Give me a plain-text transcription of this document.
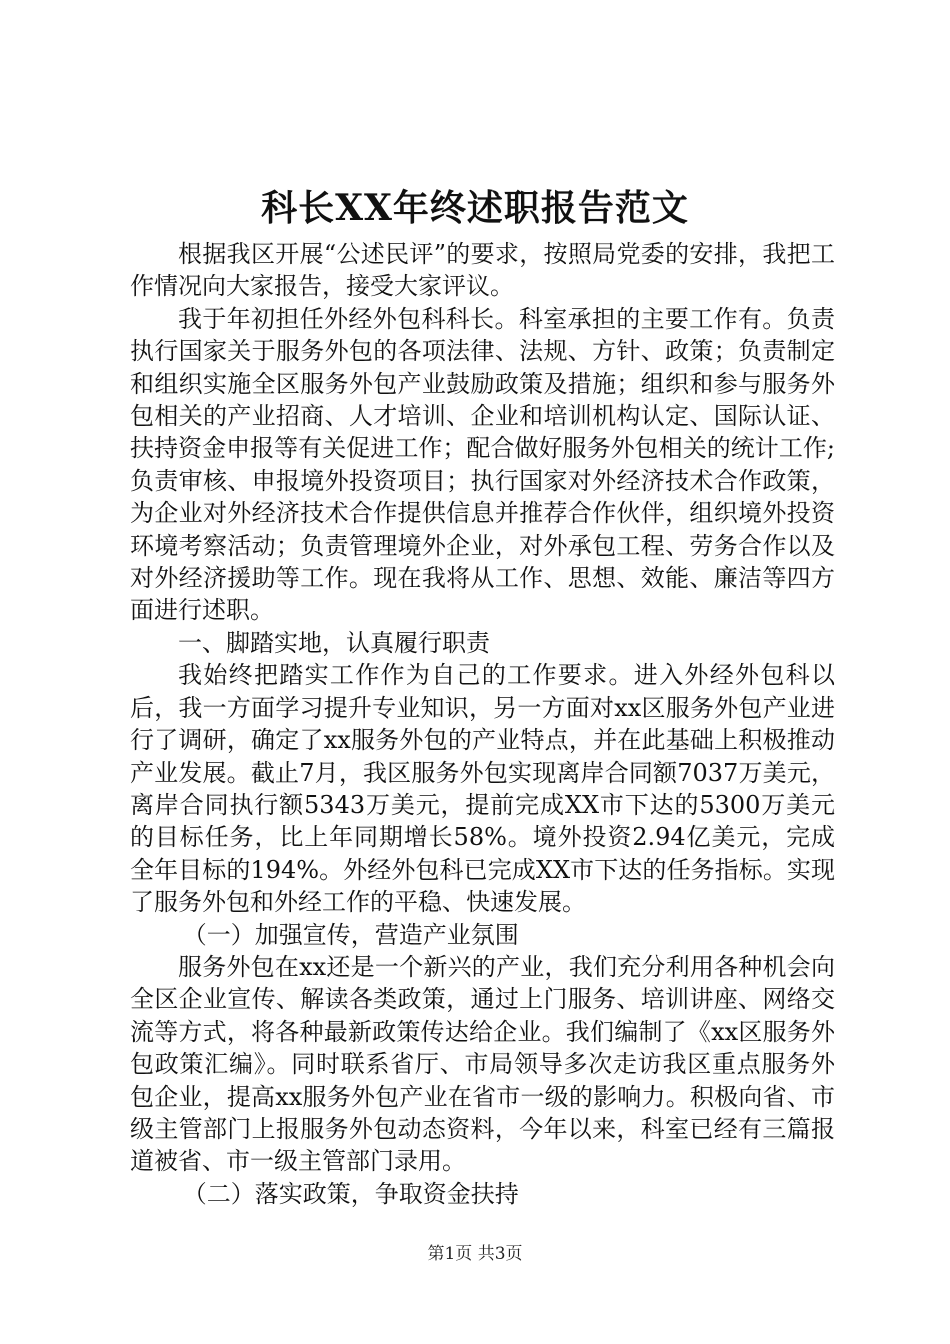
科长XX年终述职报告范文

根据我区开展“公述民评”的要求，按照局党委的安排，我把工作情况向大家报告，接受大家评议。

我于年初担任外经外包科科长。科室承担的主要工作有。负责执行国家关于服务外包的各项法律、法规、方针、政策；负责制定和组织实施全区服务外包产业鼓励政策及措施；组织和参与服务外包相关的产业招商、人才培训、企业和培训机构认定、国际认证、扶持资金申报等有关促进工作；配合做好服务外包相关的统计工作;负责审核、申报境外投资项目；执行国家对外经济技术合作政策，为企业对外经济技术合作提供信息并推荐合作伙伴，组织境外投资环境考察活动；负责管理境外企业，对外承包工程、劳务合作以及对外经济援助等工作。现在我将从工作、思想、效能、廉洁等四方面进行述职。

一、脚踏实地，认真履行职责

我始终把踏实工作作为自己的工作要求。进入外经外包科以后，我一方面学习提升专业知识，另一方面对xx区服务外包产业进行了调研，确定了xx服务外包的产业特点，并在此基础上积极推动产业发展。截止7月，我区服务外包实现离岸合同额7037万美元，离岸合同执行额5343万美元，提前完成XX市下达的5300万美元的目标任务，比上年同期增长58%。境外投资2.94亿美元，完成全年目标的194%。外经外包科已完成XX市下达的任务指标。实现了服务外包和外经工作的平稳、快速发展。

（一）加强宣传，营造产业氛围

服务外包在xx还是一个新兴的产业，我们充分利用各种机会向全区企业宣传、解读各类政策，通过上门服务、培训讲座、网络交流等方式，将各种最新政策传达给企业。我们编制了《xx区服务外包政策汇编》。同时联系省厅、市局领导多次走访我区重点服务外包企业，提高xx服务外包产业在省市一级的影响力。积极向省、市级主管部门上报服务外包动态资料，今年以来，科室已经有三篇报道被省、市一级主管部门录用。

（二）落实政策，争取资金扶持

第1页 共3页
